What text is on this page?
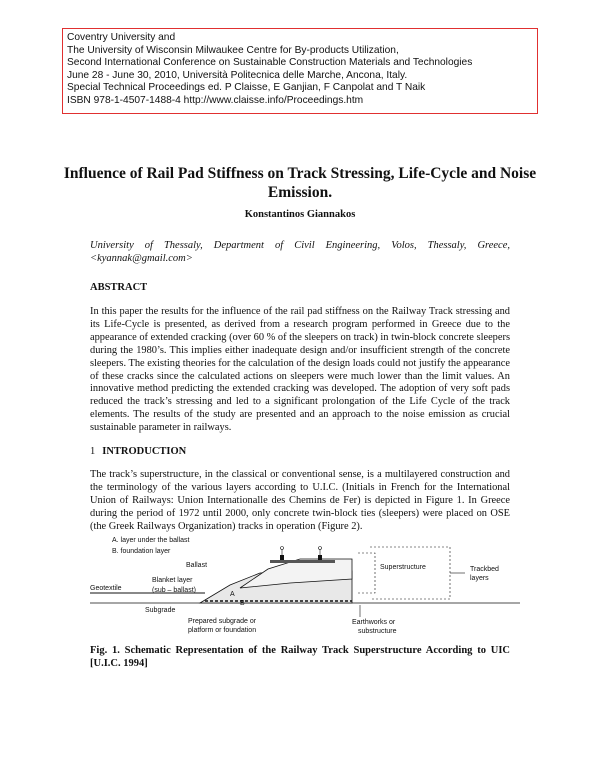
Coventry University and
The University of Wisconsin Milwaukee Centre for By-products Utilization,
Second International Conference on Sustainable Construction Materials and Technologies
June 28 - June 30, 2010, Università Politecnica delle Marche, Ancona, Italy.
Special Technical Proceedings ed. P Claisse, E Ganjian, F Canpolat and T Naik
ISBN 978-1-4507-1488-4 http://www.claisse.info/Proceedings.htm
Influence of Rail Pad Stiffness on Track Stressing, Life-Cycle and Noise Emission.
Konstantinos Giannakos
University of Thessaly, Department of Civil Engineering, Volos, Thessaly, Greece, <kyannak@gmail.com>
ABSTRACT
In this paper the results for the influence of the rail pad stiffness on the Railway Track stressing and its Life-Cycle is presented, as derived from a research program performed in Greece due to the appearance of extended cracking (over 60 % of the sleepers on track) in twin-block concrete sleepers during the 1980’s. This implies either inadequate design and/or insufficient strength of the concrete sleepers. The existing theories for the calculation of the design loads could not justify the appearance of these cracks since the calculated actions on sleepers were much lower than the limit values. An innovative method predicting the extended cracking was developed. The adoption of very soft pads reduced the track’s stressing and led to a significant prolongation of the Life Cycle of the track elements. The results of the study are presented and an approach to the noise emission as crucial sustainable parameter in railways.
1 INTRODUCTION
The track’s superstructure, in the classical or conventional sense, is a multilayered construction and the terminology of the various layers according to U.I.C. (Initials in French for the International Union of Railways: Union Internationalle des Chemins de Fer) is depicted in Figure 1. In Greece during the period of 1972 until 2000, only concrete twin-block ties (sleepers) were placed on OSE (the Greek Railways Organization) tracks in operation (Figure 2).
A. layer under the ballast
B. foundation layer
Ballast
Blanket layer
(sub – ballast)
Geotextile
Subgrade
Prepared subgrade or
platform or foundation
Superstructure	Trackbed
layers
Earthworks or
substructure
A
B
Fig. 1. Schematic Representation of the Railway Track Superstructure According to UIC [U.I.C. 1994]
